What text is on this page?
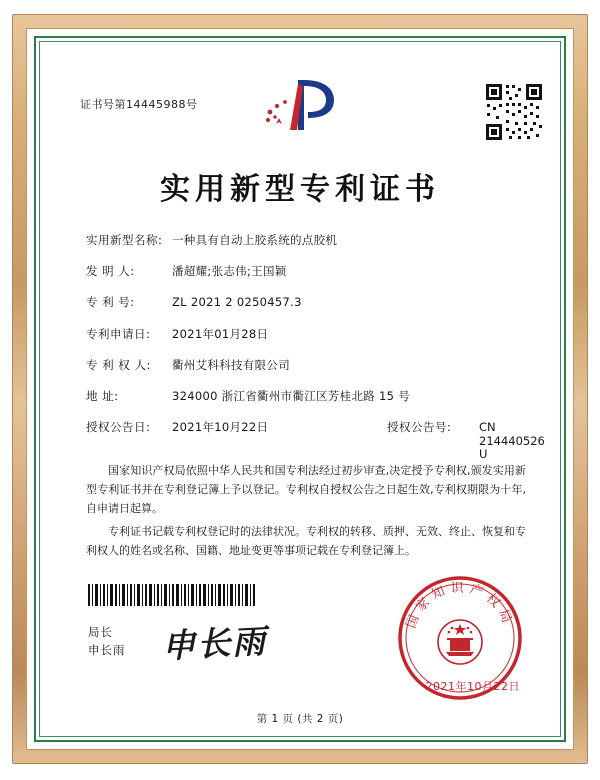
证书号第14445988号
实用新型专利证书
实用新型名称: 一种具有自动上胶系统的点胶机
发 明 人:	潘超耀;张志伟;王国颖
专 利 号:	ZL 2021 2 0250457.3
专利申请日:	2021年01月28日
专 利 权 人:	衢州艾科科技有限公司
地 址:	324000 浙江省衢州市衢江区芳桂北路 15 号
授权公告日:	2021年10月22日	授权公告号:	CN 214440526 U

国家知识产权局依照中华人民共和国专利法经过初步审查,决定授予专利权,颁发实用新型专利证书并在专利登记簿上予以登记。专利权自授权公告之日起生效,专利权期限为十年,自申请日起算。

专利证书记载专利权登记时的法律状况。专利权的转移、质押、无效、终止、恢复和专利权人的姓名或名称、国籍、地址变更等事项记载在专利登记簿上。

局长
申长雨 申长雨
国家知识产权局
2021年10月22日
第 1 页 (共 2 页)
